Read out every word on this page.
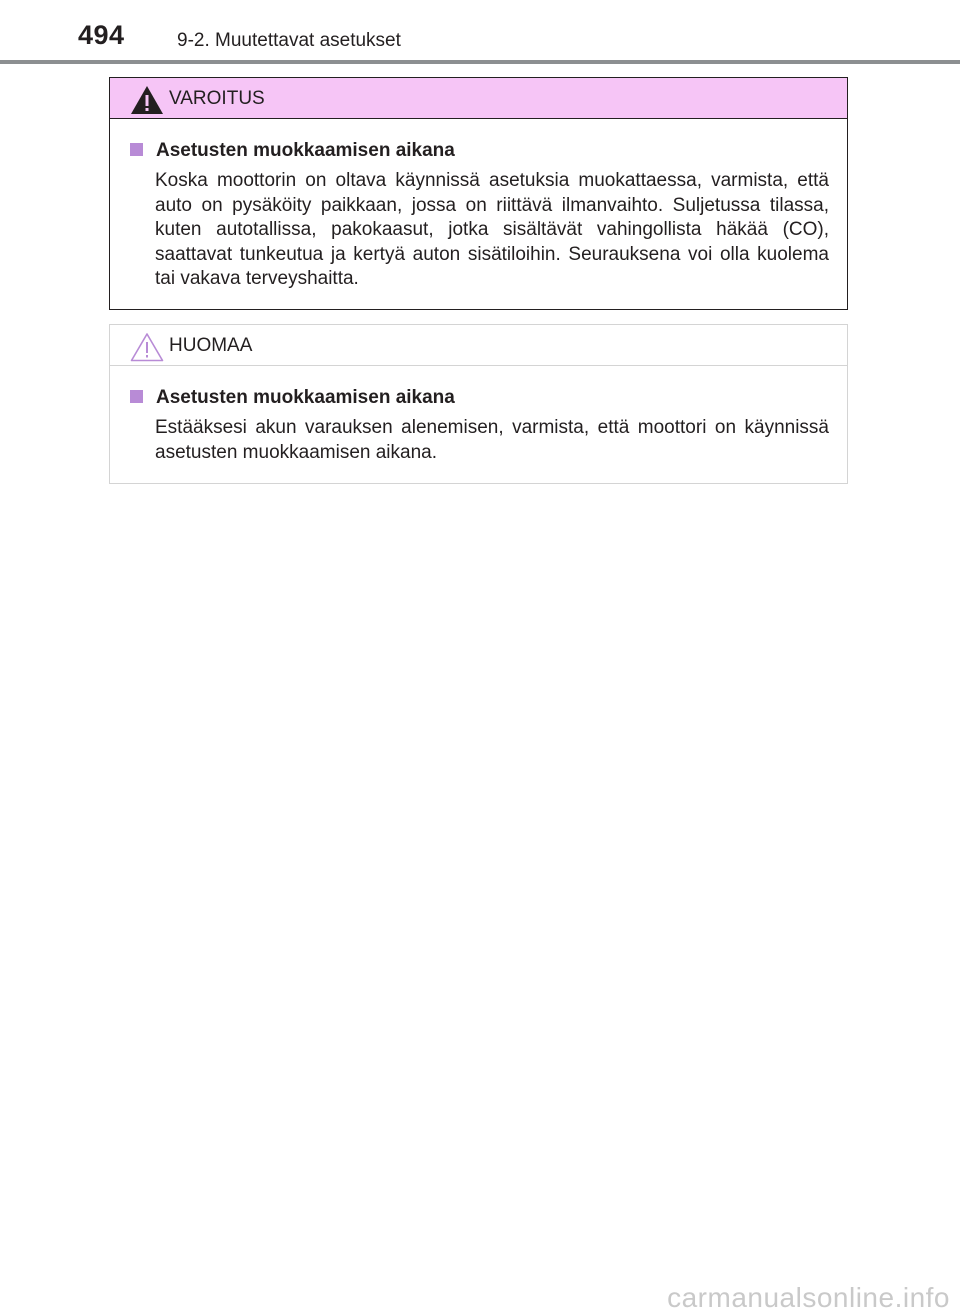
494	9-2. Muutettavat asetukset
VAROITUS
Asetusten muokkaamisen aikana
Koska moottorin on oltava käynnissä asetuksia muokattaessa, varmista, että auto on pysäköity paikkaan, jossa on riittävä ilmanvaihto. Suljetussa tilassa, kuten autotallissa, pakokaasut, jotka sisältävät vahingollista häkää (CO), saattavat tunkeutua ja kertyä auton sisätiloihin. Seurauksena voi olla kuolema tai vakava terveyshaitta.
HUOMAA
Asetusten muokkaamisen aikana
Estääksesi akun varauksen alenemisen, varmista, että moottori on käynnissä asetusten muokkaamisen aikana.
carmanualsonline.info
